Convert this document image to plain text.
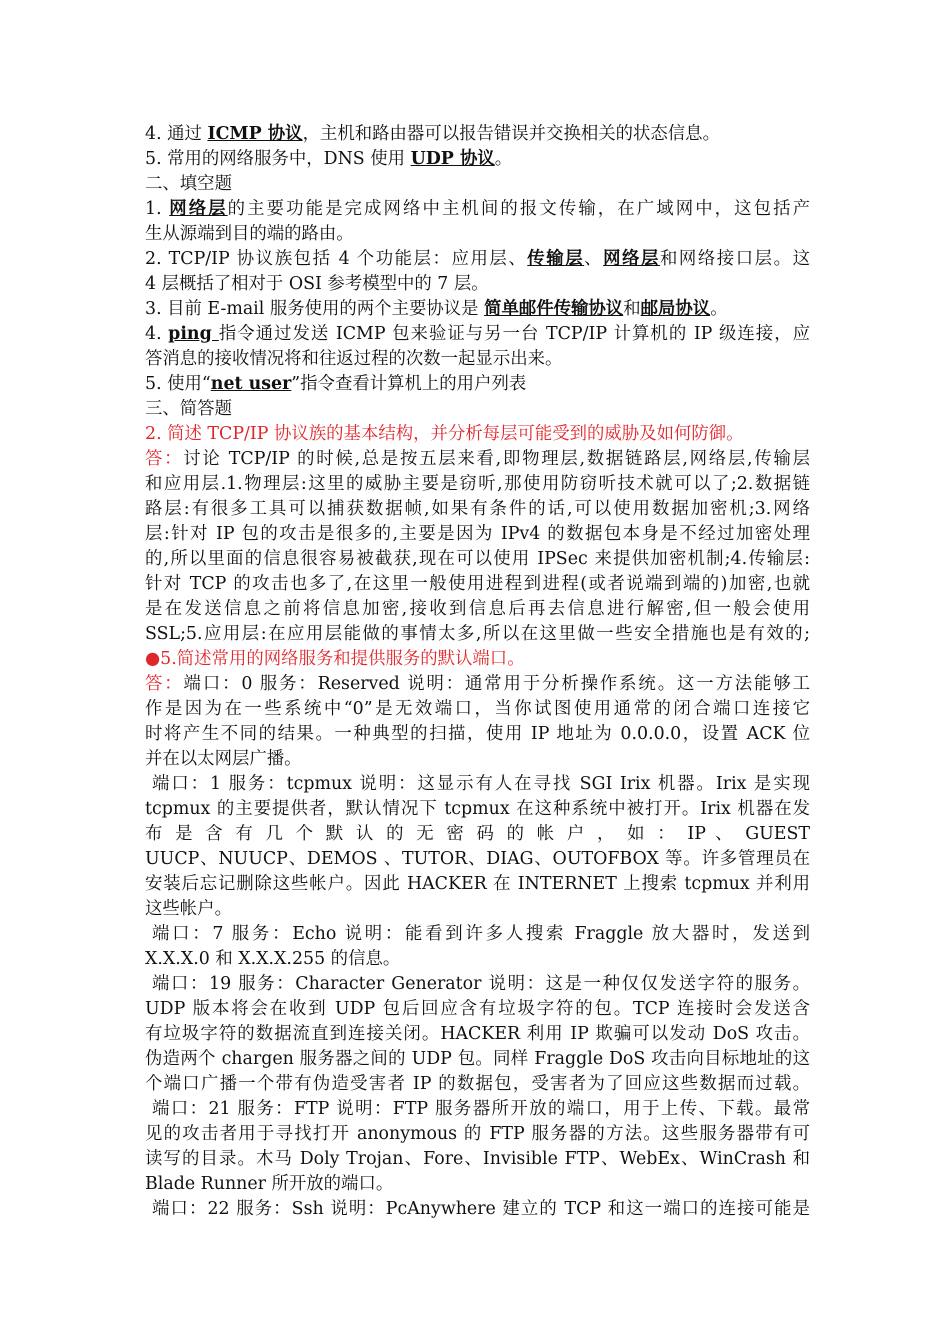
4. 通过 ICMP 协议，主机和路由器可以报告错误并交换相关的状态信息。
5. 常用的网络服务中，DNS 使用 UDP 协议。
二、填空题
1. 网络层的主要功能是完成网络中主机间的报文传输，在广域网中，这包括产
生从源端到目的端的路由。
2. TCP/IP 协议族包括 4 个功能层：应用层、传输层、网络层和网络接口层。这
4 层概括了相对于 OSI 参考模型中的 7 层。
3. 目前 E-mail 服务使用的两个主要协议是 简单邮件传输协议和邮局协议。
4. ping 指令通过发送 ICMP 包来验证与另一台 TCP/IP 计算机的 IP 级连接，应
答消息的接收情况将和往返过程的次数一起显示出来。
5. 使用“net user”指令查看计算机上的用户列表
三、简答题
2. 简述 TCP/IP 协议族的基本结构，并分析每层可能受到的威胁及如何防御。
答：讨论 TCP/IP 的时候,总是按五层来看,即物理层,数据链路层,网络层,传输层
和应用层.1.物理层:这里的威胁主要是窃听,那使用防窃听技术就可以了;2.数据链
路层:有很多工具可以捕获数据帧,如果有条件的话,可以使用数据加密机;3.网络
层:针对 IP 包的攻击是很多的,主要是因为 IPv4 的数据包本身是不经过加密处理
的,所以里面的信息很容易被截获,现在可以使用 IPSec 来提供加密机制;4.传输层:
针对 TCP 的攻击也多了,在这里一般使用进程到进程(或者说端到端的)加密,也就
是在发送信息之前将信息加密,接收到信息后再去信息进行解密,但一般会使用
SSL;5.应用层:在应用层能做的事情太多,所以在这里做一些安全措施也是有效的;
●5.简述常用的网络服务和提供服务的默认端口。
答：端口：0 服务：Reserved 说明：通常用于分析操作系统。这一方法能够工
作是因为在一些系统中“0”是无效端口，当你试图使用通常的闭合端口连接它
时将产生不同的结果。一种典型的扫描，使用 IP 地址为 0.0.0.0，设置 ACK 位
并在以太网层广播。
端口：1 服务：tcpmux 说明：这显示有人在寻找 SGI Irix 机器。Irix 是实现
tcpmux 的主要提供者，默认情况下 tcpmux 在这种系统中被打开。Irix 机器在发
布 是 含 有 几 个 默 认 的 无 密 码 的 帐 户 ， 如 ： IP 、 GUEST
UUCP、NUUCP、DEMOS 、TUTOR、DIAG、OUTOFBOX 等。许多管理员在
安装后忘记删除这些帐户。因此 HACKER 在 INTERNET 上搜索 tcpmux 并利用
这些帐户。
端口：7 服务：Echo 说明：能看到许多人搜索 Fraggle 放大器时，发送到
X.X.X.0 和 X.X.X.255 的信息。
端口：19 服务：Character Generator 说明：这是一种仅仅发送字符的服务。
UDP 版本将会在收到 UDP 包后回应含有垃圾字符的包。TCP 连接时会发送含
有垃圾字符的数据流直到连接关闭。HACKER 利用 IP 欺骗可以发动 DoS 攻击。
伪造两个 chargen 服务器之间的 UDP 包。同样 Fraggle DoS 攻击向目标地址的这
个端口广播一个带有伪造受害者 IP 的数据包，受害者为了回应这些数据而过载。
端口：21 服务：FTP 说明：FTP 服务器所开放的端口，用于上传、下载。最常
见的攻击者用于寻找打开 anonymous 的 FTP 服务器的方法。这些服务器带有可
读写的目录。木马 Doly Trojan、Fore、Invisible FTP、WebEx、WinCrash 和
Blade Runner 所开放的端口。
端口：22 服务：Ssh 说明：PcAnywhere 建立的 TCP 和这一端口的连接可能是
